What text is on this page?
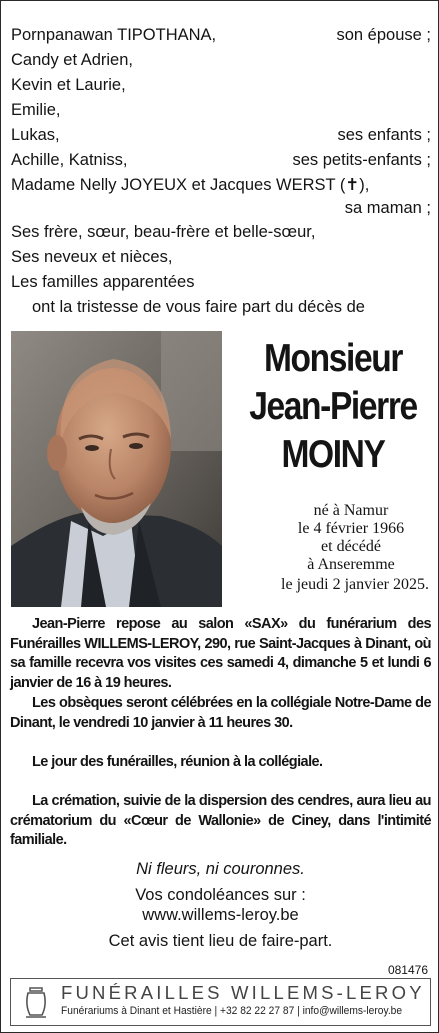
Pornpanawan TIPOTHANA,	son épouse ;
Candy et Adrien,
Kevin et Laurie,
Emilie,
Lukas,	ses enfants ;
Achille, Katniss,	ses petits-enfants ;
Madame Nelly JOYEUX et Jacques WERST (✝),
sa maman ;
Ses frère, sœur, beau-frère et belle-sœur,
Ses neveux et nièces,
Les familles apparentées
ont la tristesse de vous faire part du décès de
Monsieur
Jean-Pierre
MOINY
né à Namur
le 4 février 1966
et décédé
à Anseremme
le jeudi 2 janvier 2025.
Jean-Pierre repose au salon «SAX» du funérarium des Funérailles WILLEMS-LEROY, 290, rue Saint-Jacques à Dinant, où sa famille recevra vos visites ces samedi 4, dimanche 5 et lundi 6 janvier de 16 à 19 heures.
Les obsèques seront célébrées en la collégiale Notre-Dame de Dinant, le vendredi 10 janvier à 11 heures 30.
Le jour des funérailles, réunion à la collégiale.
La crémation, suivie de la dispersion des cendres, aura lieu au crématorium du «Cœur de Wallonie» de Ciney, dans l'intimité familiale.
Ni fleurs, ni couronnes.
Vos condoléances sur :
www.willems-leroy.be
Cet avis tient lieu de faire-part.
081476
FUNÉRAILLES WILLEMS-LEROY
Funérariums à Dinant et Hastière | +32 82 22 27 87 | info@willems-leroy.be
